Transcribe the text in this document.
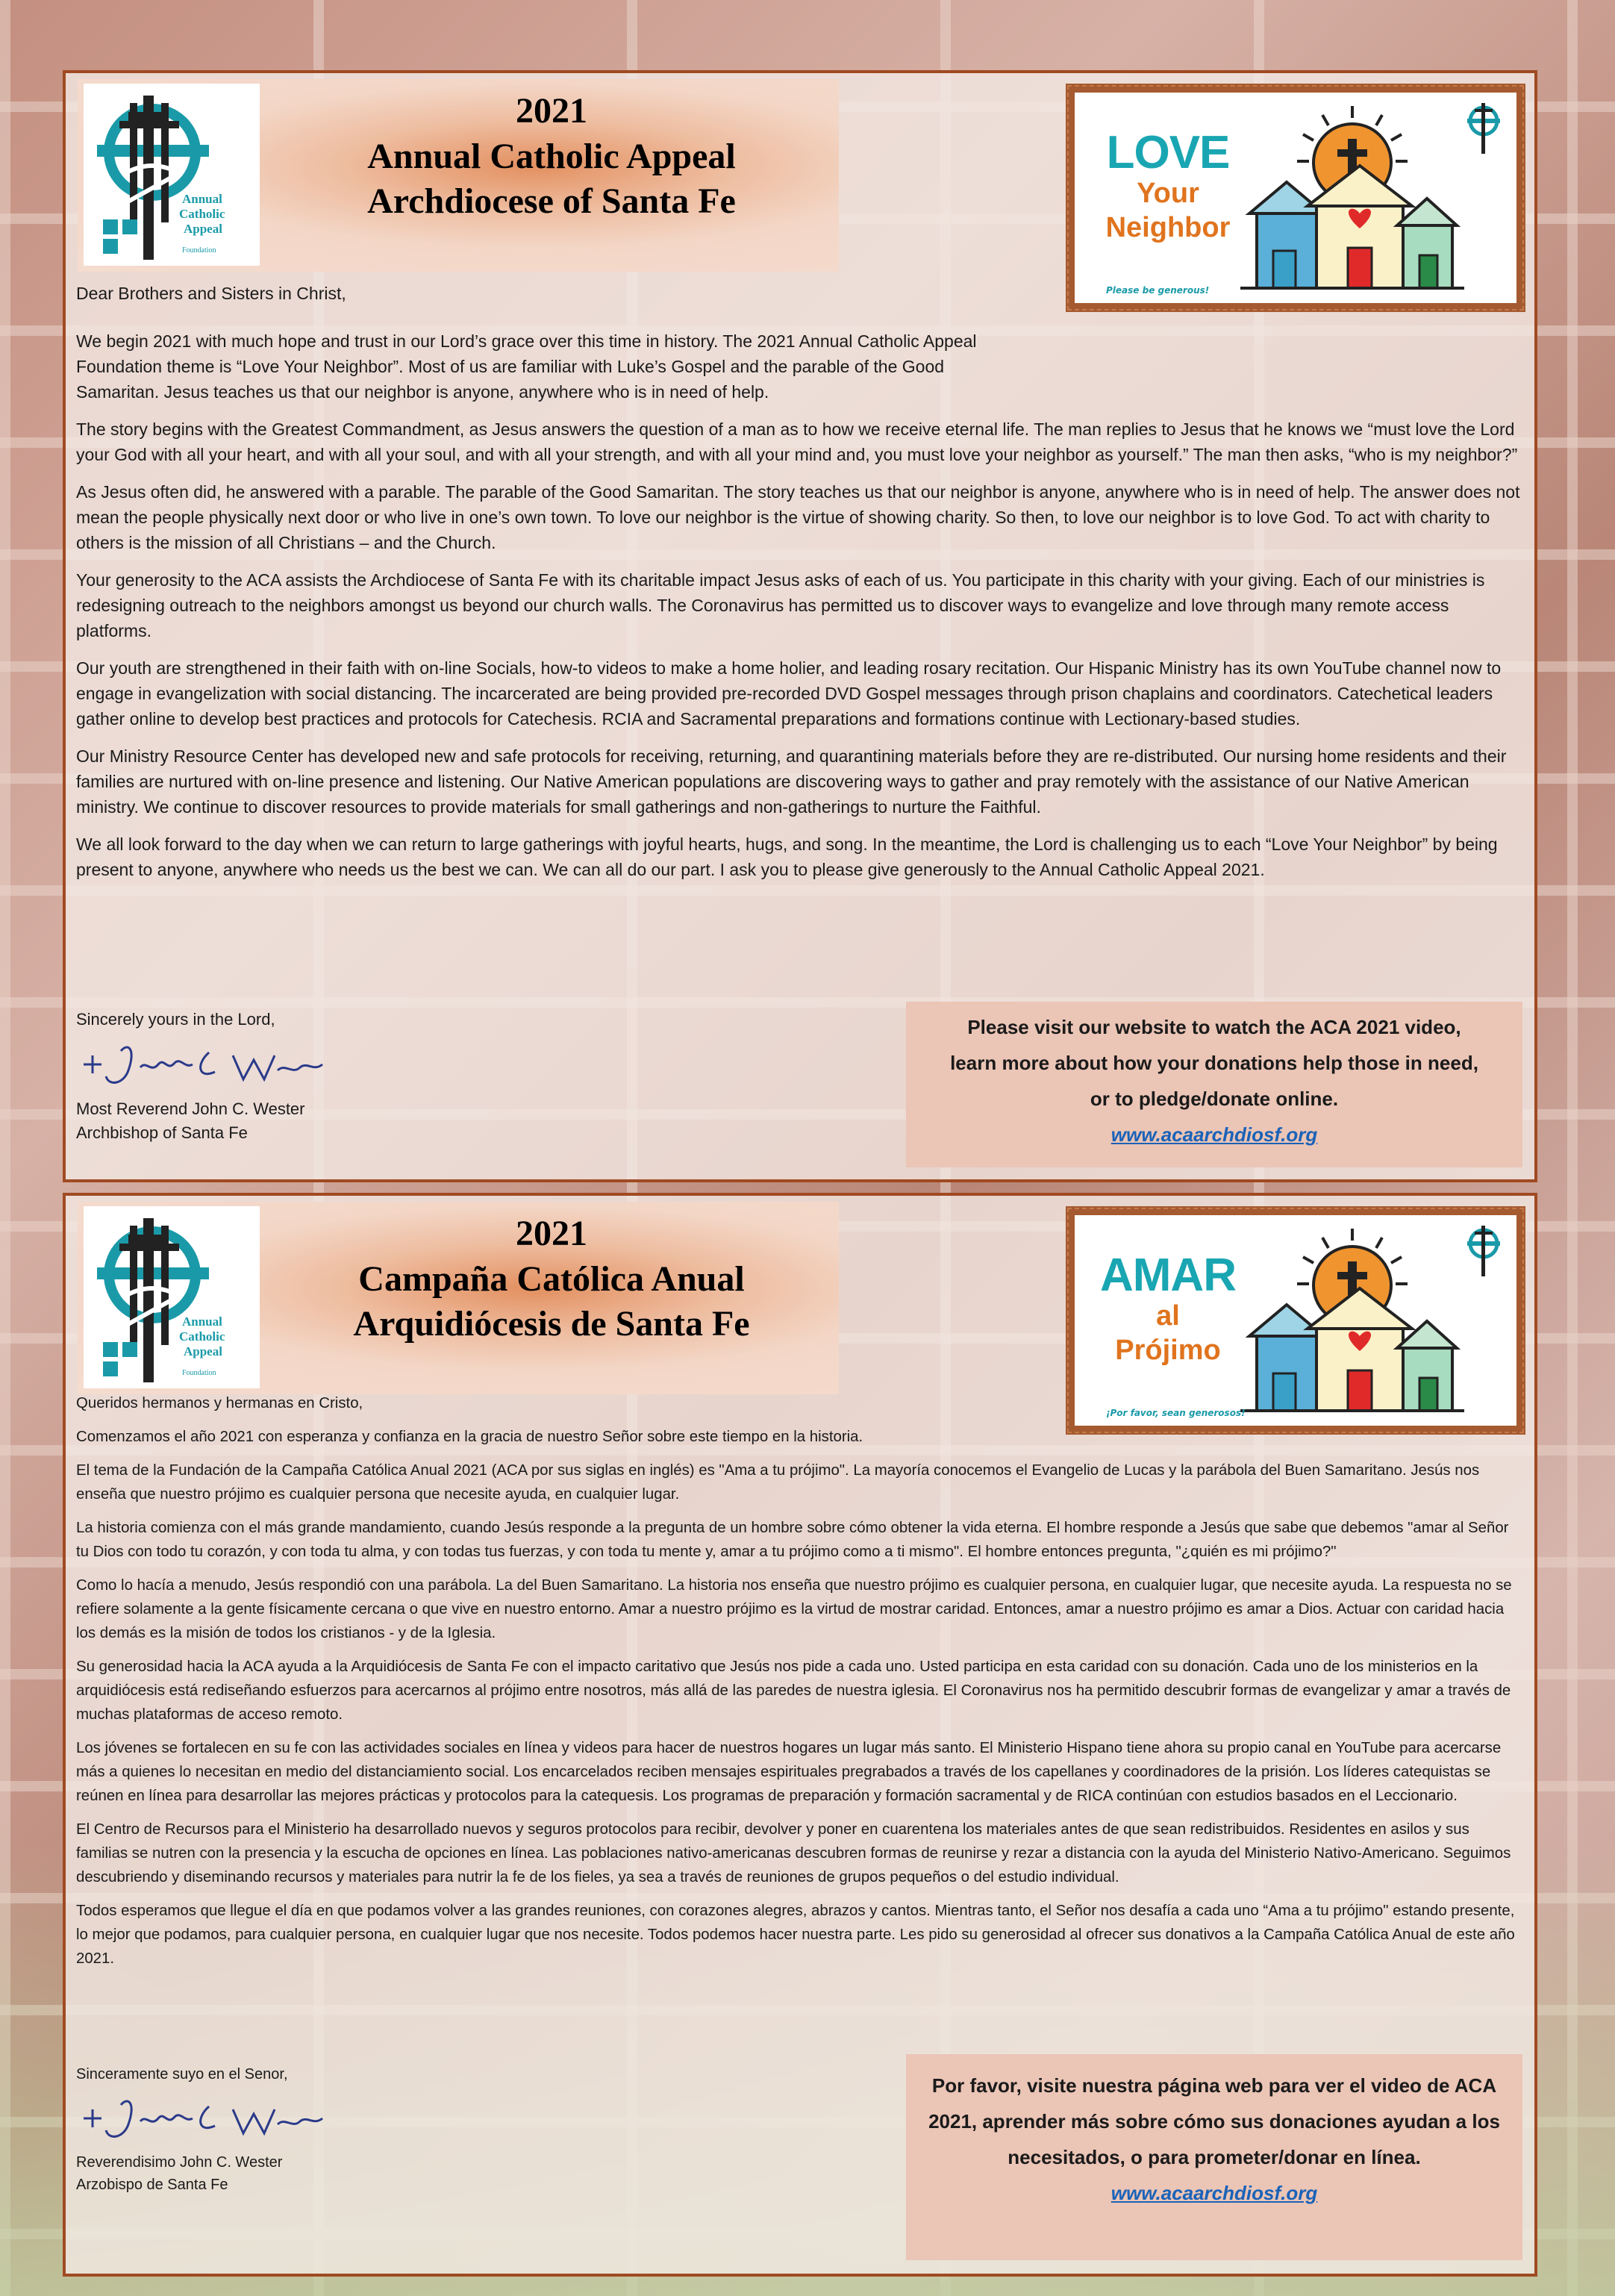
Annual Catholic Appeal
Foundation
2021
Annual Catholic Appeal
Archdiocese of Santa Fe
LOVE
Your
Neighbor
Please be generous!

Dear Brothers and Sisters in Christ,

We begin 2021 with much hope and trust in our Lord’s grace over this time in history. The 2021 Annual Catholic Appeal Foundation theme is “Love Your Neighbor”. Most of us are familiar with Luke’s Gospel and the parable of the Good Samaritan. Jesus teaches us that our neighbor is anyone, anywhere who is in need of help.

The story begins with the Greatest Commandment, as Jesus answers the question of a man as to how we receive eternal life. The man replies to Jesus that he knows we “must love the Lord your God with all your heart, and with all your soul, and with all your strength, and with all your mind and, you must love your neighbor as yourself.” The man then asks, “who is my neighbor?”

As Jesus often did, he answered with a parable. The parable of the Good Samaritan. The story teaches us that our neighbor is anyone, anywhere who is in need of help. The answer does not mean the people physically next door or who live in one’s own town. To love our neighbor is the virtue of showing charity. So then, to love our neighbor is to love God. To act with charity to others is the mission of all Christians – and the Church.

Your generosity to the ACA assists the Archdiocese of Santa Fe with its charitable impact Jesus asks of each of us. You participate in this charity with your giving. Each of our ministries is redesigning outreach to the neighbors amongst us beyond our church walls. The Coronavirus has permitted us to discover ways to evangelize and love through many remote access platforms.

Our youth are strengthened in their faith with on-line Socials, how-to videos to make a home holier, and leading rosary recitation. Our Hispanic Ministry has its own YouTube channel now to engage in evangelization with social distancing. The incarcerated are being provided pre-recorded DVD Gospel messages through prison chaplains and coordinators. Catechetical leaders gather online to develop best practices and protocols for Catechesis. RCIA and Sacramental preparations and formations continue with Lectionary-based studies.

Our Ministry Resource Center has developed new and safe protocols for receiving, returning, and quarantining materials before they are re-distributed. Our nursing home residents and their families are nurtured with on-line presence and listening. Our Native American populations are discovering ways to gather and pray remotely with the assistance of our Native American ministry. We continue to discover resources to provide materials for small gatherings and non-gatherings to nurture the Faithful.

We all look forward to the day when we can return to large gatherings with joyful hearts, hugs, and song. In the meantime, the Lord is challenging us to each “Love Your Neighbor” by being present to anyone, anywhere who needs us the best we can. We can all do our part. I ask you to please give generously to the Annual Catholic Appeal 2021.

Sincerely yours in the Lord,
Most Reverend John C. Wester
Archbishop of Santa Fe
Please visit our website to watch the ACA 2021 video,
learn more about how your donations help those in need,
or to pledge/donate online.
www.acaarchdiosf.org
Annual Catholic Appeal
Foundation
2021
Campaña Católica Anual
Arquidiócesis de Santa Fe
AMAR
al
Prójimo
¡Por favor, sean generosos!

Queridos hermanos y hermanas en Cristo,

Comenzamos el año 2021 con esperanza y confianza en la gracia de nuestro Señor sobre este tiempo en la historia.

El tema de la Fundación de la Campaña Católica Anual 2021 (ACA por sus siglas en inglés) es "Ama a tu prójimo". La mayoría conocemos el Evangelio de Lucas y la parábola del Buen Samaritano. Jesús nos enseña que nuestro prójimo es cualquier persona que necesite ayuda, en cualquier lugar.

La historia comienza con el más grande mandamiento, cuando Jesús responde a la pregunta de un hombre sobre cómo obtener la vida eterna. El hombre responde a Jesús que sabe que debemos "amar al Señor tu Dios con todo tu corazón, y con toda tu alma, y con todas tus fuerzas, y con toda tu mente y, amar a tu prójimo como a ti mismo". El hombre entonces pregunta, "¿quién es mi prójimo?"

Como lo hacía a menudo, Jesús respondió con una parábola. La del Buen Samaritano. La historia nos enseña que nuestro prójimo es cualquier persona, en cualquier lugar, que necesite ayuda. La respuesta no se refiere solamente a la gente físicamente cercana o que vive en nuestro entorno. Amar a nuestro prójimo es la virtud de mostrar caridad. Entonces, amar a nuestro prójimo es amar a Dios. Actuar con caridad hacia los demás es la misión de todos los cristianos - y de la Iglesia.

Su generosidad hacia la ACA ayuda a la Arquidiócesis de Santa Fe con el impacto caritativo que Jesús nos pide a cada uno. Usted participa en esta caridad con su donación. Cada uno de los ministerios en la arquidiócesis está rediseñando esfuerzos para acercarnos al prójimo entre nosotros, más allá de las paredes de nuestra iglesia. El Coronavirus nos ha permitido descubrir formas de evangelizar y amar a través de muchas plataformas de acceso remoto.

Los jóvenes se fortalecen en su fe con las actividades sociales en línea y videos para hacer de nuestros hogares un lugar más santo. El Ministerio Hispano tiene ahora su propio canal en YouTube para acercarse más a quienes lo necesitan en medio del distanciamiento social. Los encarcelados reciben mensajes espirituales pregrabados a través de los capellanes y coordinadores de la prisión. Los líderes catequistas se reúnen en línea para desarrollar las mejores prácticas y protocolos para la catequesis. Los programas de preparación y formación sacramental y de RICA continúan con estudios basados en el Leccionario.

El Centro de Recursos para el Ministerio ha desarrollado nuevos y seguros protocolos para recibir, devolver y poner en cuarentena los materiales antes de que sean redistribuidos. Residentes en asilos y sus familias se nutren con la presencia y la escucha de opciones en línea. Las poblaciones nativo-americanas descubren formas de reunirse y rezar a distancia con la ayuda del Ministerio Nativo-Americano. Seguimos descubriendo y diseminando recursos y materiales para nutrir la fe de los fieles, ya sea a través de reuniones de grupos pequeños o del estudio individual.

Todos esperamos que llegue el día en que podamos volver a las grandes reuniones, con corazones alegres, abrazos y cantos. Mientras tanto, el Señor nos desafía a cada uno “Ama a tu prójimo" estando presente, lo mejor que podamos, para cualquier persona, en cualquier lugar que nos necesite. Todos podemos hacer nuestra parte. Les pido su generosidad al ofrecer sus donativos a la Campaña Católica Anual de este año 2021.

Sinceramente suyo en el Senor,
Reverendisimo John C. Wester
Arzobispo de Santa Fe
Por favor, visite nuestra página web para ver el video de ACA 2021, aprender más sobre cómo sus donaciones ayudan a los necesitados, o para prometer/donar en línea.
www.acaarchdiosf.org
